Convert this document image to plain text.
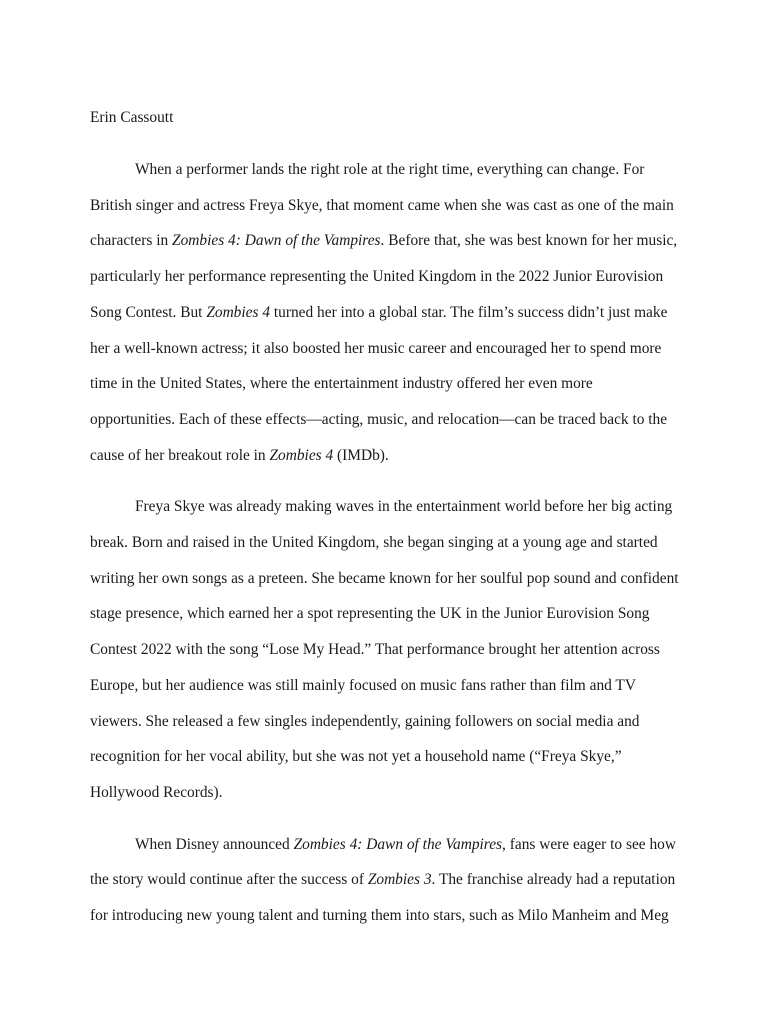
Erin Cassoutt

When a performer lands the right role at the right time, everything can change. For British singer and actress Freya Skye, that moment came when she was cast as one of the main characters in Zombies 4: Dawn of the Vampires. Before that, she was best known for her music, particularly her performance representing the United Kingdom in the 2022 Junior Eurovision Song Contest. But Zombies 4 turned her into a global star. The film’s success didn’t just make her a well-known actress; it also boosted her music career and encouraged her to spend more time in the United States, where the entertainment industry offered her even more opportunities. Each of these effects—acting, music, and relocation—can be traced back to the cause of her breakout role in Zombies 4 (IMDb).

Freya Skye was already making waves in the entertainment world before her big acting break. Born and raised in the United Kingdom, she began singing at a young age and started writing her own songs as a preteen. She became known for her soulful pop sound and confident stage presence, which earned her a spot representing the UK in the Junior Eurovision Song Contest 2022 with the song “Lose My Head.” That performance brought her attention across Europe, but her audience was still mainly focused on music fans rather than film and TV viewers. She released a few singles independently, gaining followers on social media and recognition for her vocal ability, but she was not yet a household name (“Freya Skye,” Hollywood Records).

When Disney announced Zombies 4: Dawn of the Vampires, fans were eager to see how the story would continue after the success of Zombies 3. The franchise already had a reputation for introducing new young talent and turning them into stars, such as Milo Manheim and Meg
